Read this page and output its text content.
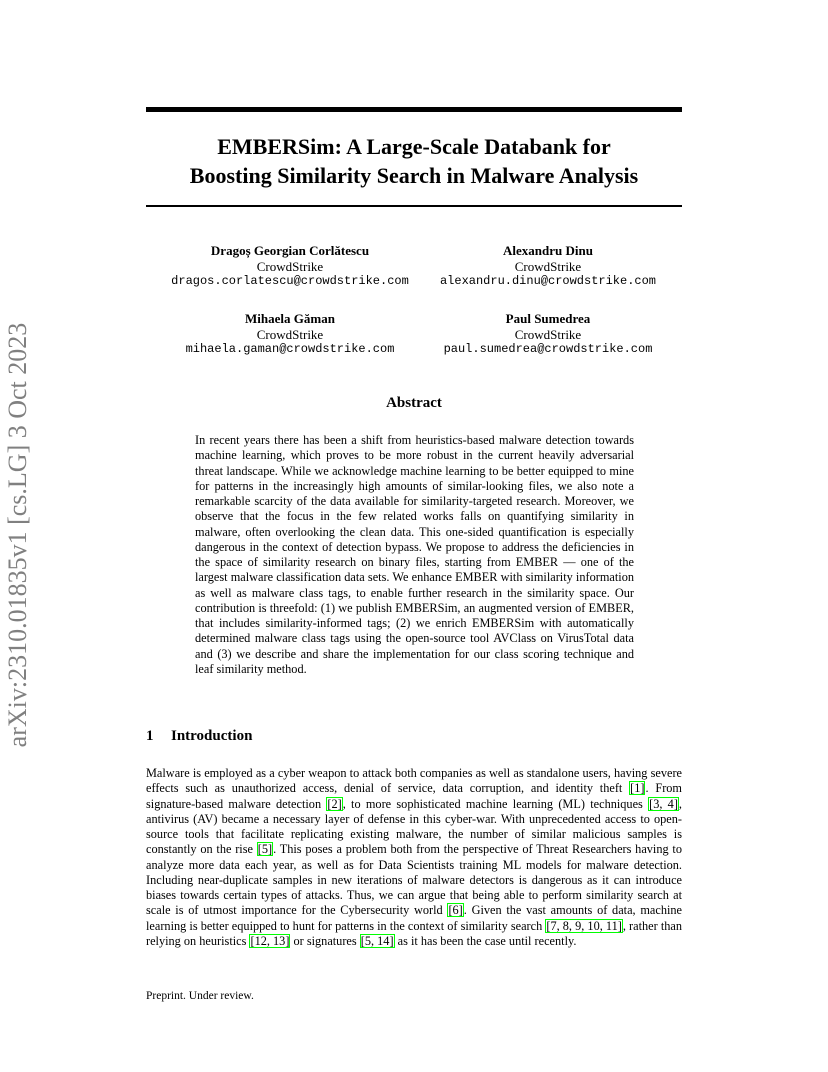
arXiv:2310.01835v1 [cs.LG] 3 Oct 2023
EMBERSim: A Large-Scale Databank for
Boosting Similarity Search in Malware Analysis
Dragoș Georgian Corlătescu
CrowdStrike
dragos.corlatescu@crowdstrike.com
Alexandru Dinu
CrowdStrike
alexandru.dinu@crowdstrike.com
Mihaela Găman
CrowdStrike
mihaela.gaman@crowdstrike.com
Paul Sumedrea
CrowdStrike
paul.sumedrea@crowdstrike.com
Abstract
In recent years there has been a shift from heuristics-based malware detection towards machine learning, which proves to be more robust in the current heavily adversarial threat landscape. While we acknowledge machine learning to be better equipped to mine for patterns in the increasingly high amounts of similar-looking files, we also note a remarkable scarcity of the data available for similarity-targeted research. Moreover, we observe that the focus in the few related works falls on quantifying similarity in malware, often overlooking the clean data. This one-sided quantification is especially dangerous in the context of detection bypass. We propose to address the deficiencies in the space of similarity research on binary files, starting from EMBER — one of the largest malware classification data sets. We enhance EMBER with similarity information as well as malware class tags, to enable further research in the similarity space. Our contribution is threefold: (1) we publish EMBERSim, an augmented version of EMBER, that includes similarity-informed tags; (2) we enrich EMBERSim with automatically determined malware class tags using the open-source tool AVClass on VirusTotal data and (3) we describe and share the implementation for our class scoring technique and leaf similarity method.
1 Introduction
Malware is employed as a cyber weapon to attack both companies as well as standalone users, having severe effects such as unauthorized access, denial of service, data corruption, and identity theft [1]. From signature-based malware detection [2], to more sophisticated machine learning (ML) techniques [3, 4], antivirus (AV) became a necessary layer of defense in this cyber-war. With unprecedented access to open-source tools that facilitate replicating existing malware, the number of similar malicious samples is constantly on the rise [5]. This poses a problem both from the perspective of Threat Researchers having to analyze more data each year, as well as for Data Scientists training ML models for malware detection. Including near-duplicate samples in new iterations of malware detectors is dangerous as it can introduce biases towards certain types of attacks. Thus, we can argue that being able to perform similarity search at scale is of utmost importance for the Cybersecurity world [6]. Given the vast amounts of data, machine learning is better equipped to hunt for patterns in the context of similarity search [7, 8, 9, 10, 11], rather than relying on heuristics [12, 13] or signatures [5, 14] as it has been the case until recently.
Preprint. Under review.
